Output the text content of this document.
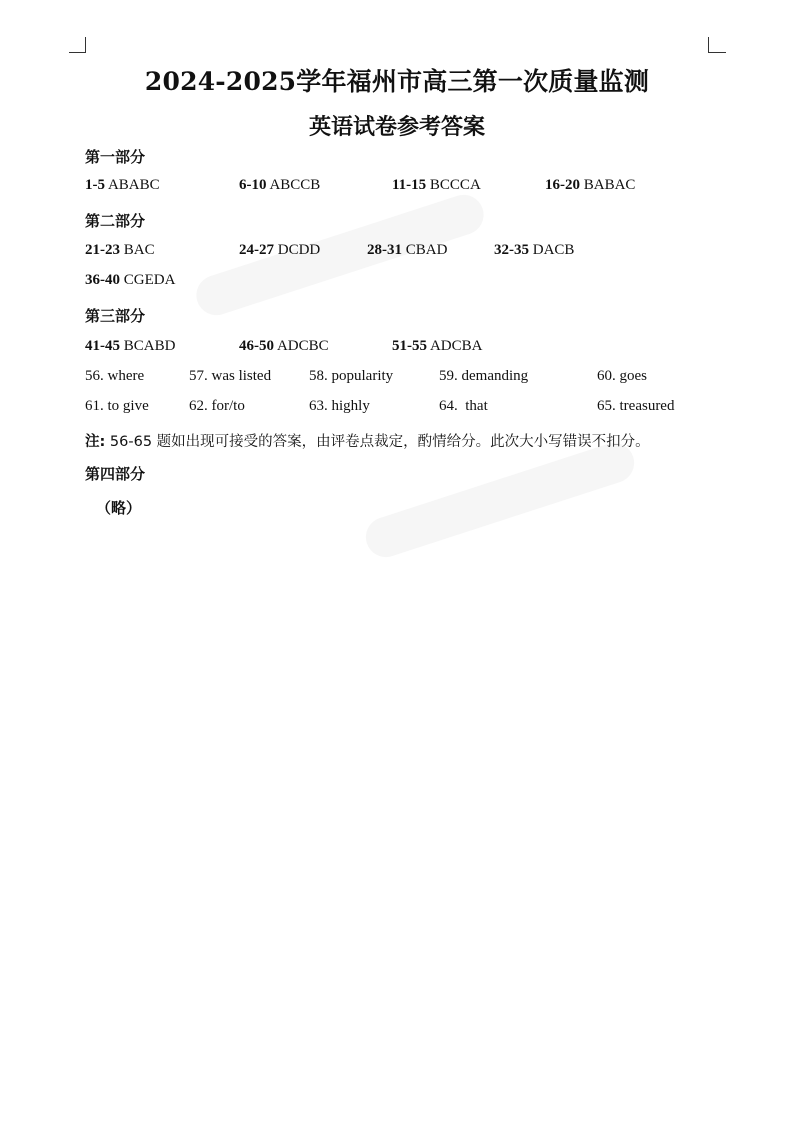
2024-2025学年福州市高三第一次质量监测
英语试卷参考答案
第一部分
1-5 ABABC	6-10 ABCCB	11-15 BCCCA	16-20 BABAC
第二部分
21-23 BAC	24-27 DCDD	28-31 CBAD	32-35 DACB
36-40 CGEDA
第三部分
41-45 BCABD	46-50 ADCBC	51-55 ADCBA
56. where	57. was listed	58. popularity	59. demanding	60. goes
61. to give	62. for/to	63. highly	64.  that	65. treasured
注: 56-65 题如出现可接受的答案，由评卷点裁定，酌情给分。此次大小写错误不扣分。
第四部分
（略）
